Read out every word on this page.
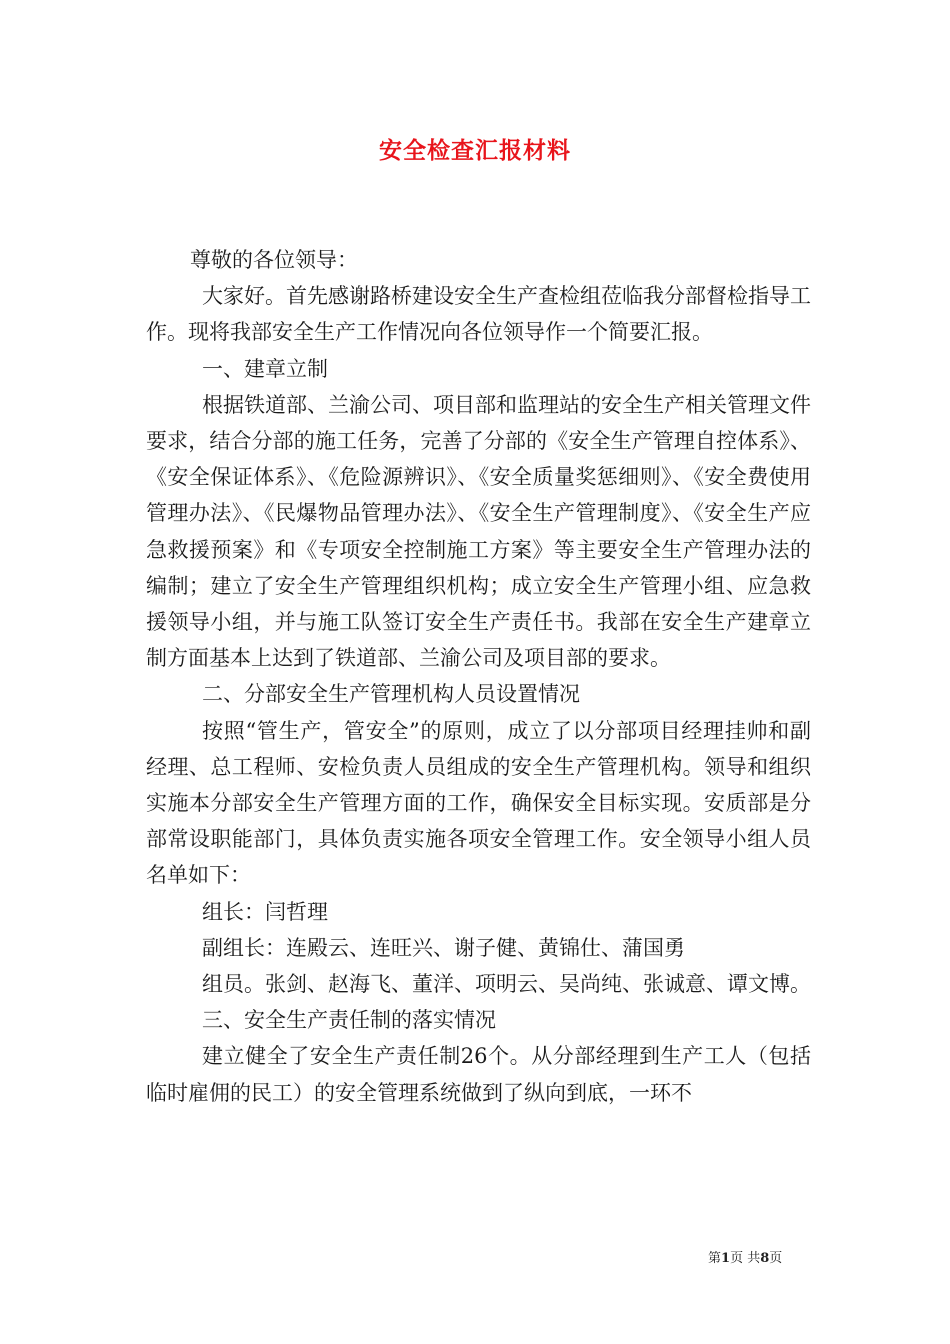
安全检查汇报材料

尊敬的各位领导：

大家好。首先感谢路桥建设安全生产查检组莅临我分部督检指导工作。现将我部安全生产工作情况向各位领导作一个简要汇报。

一、建章立制

根据铁道部、兰渝公司、项目部和监理站的安全生产相关管理文件要求，结合分部的施工任务，完善了分部的《安全生产管理自控体系》、《安全保证体系》、《危险源辨识》、《安全质量奖惩细则》、《安全费使用管理办法》、《民爆物品管理办法》、《安全生产管理制度》、《安全生产应急救援预案》和《专项安全控制施工方案》等主要安全生产管理办法的编制；建立了安全生产管理组织机构；成立安全生产管理小组、应急救援领导小组，并与施工队签订安全生产责任书。我部在安全生产建章立制方面基本上达到了铁道部、兰渝公司及项目部的要求。

二、分部安全生产管理机构人员设置情况

按照“管生产，管安全”的原则，成立了以分部项目经理挂帅和副经理、总工程师、安检负责人员组成的安全生产管理机构。领导和组织实施本分部安全生产管理方面的工作，确保安全目标实现。安质部是分部常设职能部门，具体负责实施各项安全管理工作。安全领导小组人员名单如下：

组长：闫哲理

副组长：连殿云、连旺兴、谢子健、黄锦仕、蒲国勇

组员。张剑、赵海飞、董洋、项明云、吴尚纯、张诚意、谭文博。

三、安全生产责任制的落实情况

建立健全了安全生产责任制26个。从分部经理到生产工人（包括临时雇佣的民工）的安全管理系统做到了纵向到底，一环不

第1页 共8页
